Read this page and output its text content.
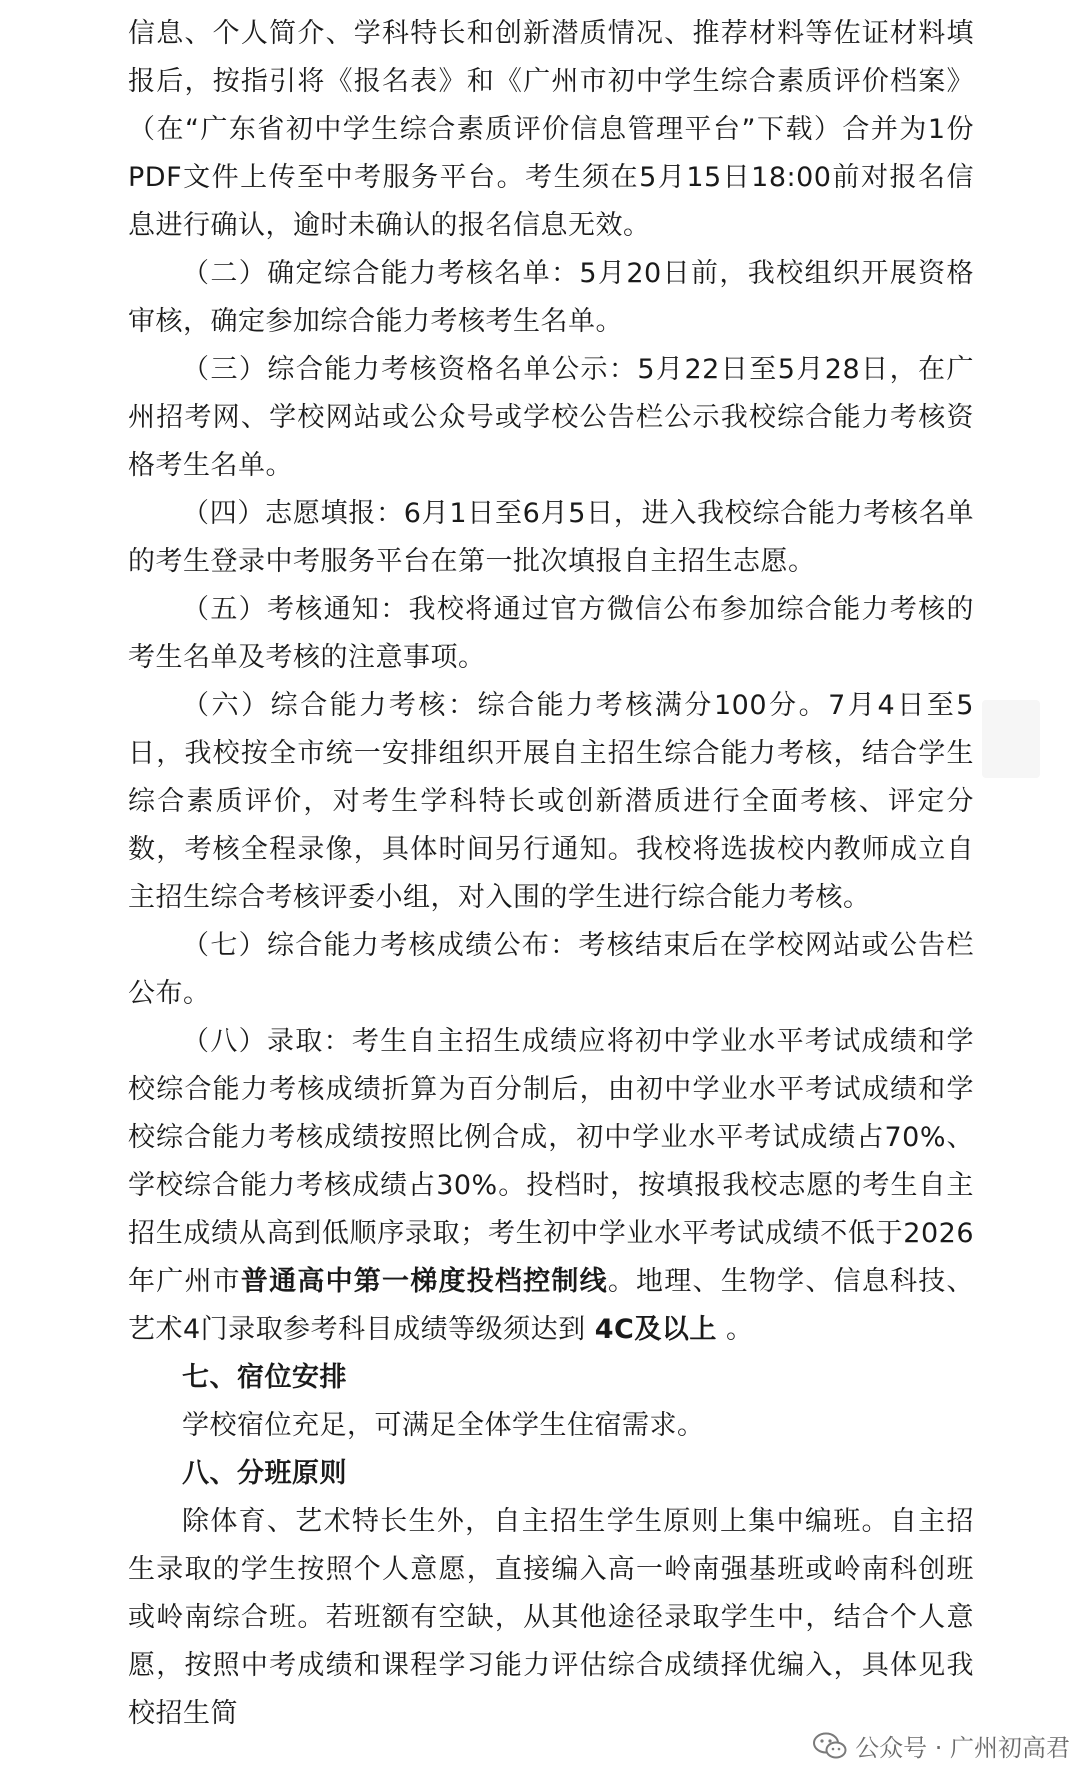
信息、个人简介、学科特长和创新潜质情况、推荐材料等佐证材料填报后，按指引将《报名表》和《广州市初中学生综合素质评价档案》（在“广东省初中学生综合素质评价信息管理平台”下载）合并为1份PDF文件上传至中考服务平台。考生须在5月15日18:00前对报名信息进行确认，逾时未确认的报名信息无效。

（二）确定综合能力考核名单：5月20日前，我校组织开展资格审核，确定参加综合能力考核考生名单。

（三）综合能力考核资格名单公示：5月22日至5月28日，在广州招考网、学校网站或公众号或学校公告栏公示我校综合能力考核资格考生名单。

（四）志愿填报：6月1日至6月5日，进入我校综合能力考核名单的考生登录中考服务平台在第一批次填报自主招生志愿。

（五）考核通知：我校将通过官方微信公布参加综合能力考核的考生名单及考核的注意事项。

（六）综合能力考核：综合能力考核满分100分。7月4日至5日，我校按全市统一安排组织开展自主招生综合能力考核，结合学生综合素质评价，对考生学科特长或创新潜质进行全面考核、评定分数，考核全程录像，具体时间另行通知。我校将选拔校内教师成立自主招生综合考核评委小组，对入围的学生进行综合能力考核。

（七）综合能力考核成绩公布：考核结束后在学校网站或公告栏公布。

（八）录取：考生自主招生成绩应将初中学业水平考试成绩和学校综合能力考核成绩折算为百分制后，由初中学业水平考试成绩和学校综合能力考核成绩按照比例合成，初中学业水平考试成绩占70%、学校综合能力考核成绩占30%。投档时，按填报我校志愿的考生自主招生成绩从高到低顺序录取；考生初中学业水平考试成绩不低于2026年广州市普通高中第一梯度投档控制线。地理、生物学、信息科技、艺术4门录取参考科目成绩等级须达到 4C及以上 。

七、宿位安排

学校宿位充足，可满足全体学生住宿需求。

八、分班原则

除体育、艺术特长生外，自主招生学生原则上集中编班。自主招生录取的学生按照个人意愿，直接编入高一岭南强基班或岭南科创班或岭南综合班。若班额有空缺，从其他途径录取学生中，结合个人意愿，按照中考成绩和课程学习能力评估综合成绩择优编入，具体见我校招生简

公众号 · 广州初高君
